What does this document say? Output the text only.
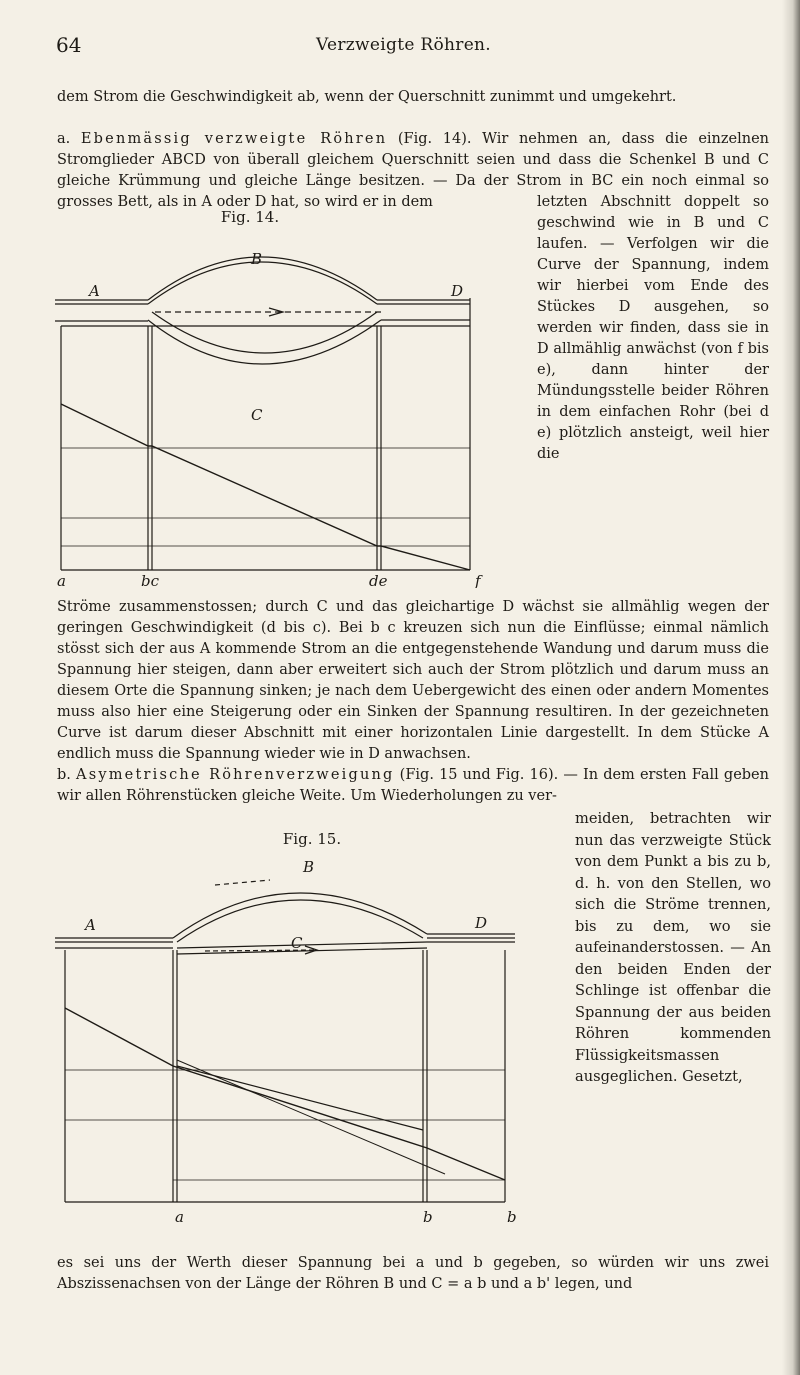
64	Verzweigte Röhren.

dem Strom die Geschwindigkeit ab, wenn der Querschnitt zunimmt und umgekehrt.

a. Ebenmässig verzweigte Röhren (Fig. 14). Wir nehmen an, dass die einzelnen Stromglieder ABCD von überall gleichem Querschnitt seien und dass die Schenkel B und C gleiche Krümmung und gleiche Länge besitzen. — Da der Strom in BC ein noch einmal so grosses Bett, als in A oder D hat, so wird er in dem	letzten Abschnitt doppelt so geschwind wie in B und C laufen. — Verfolgen wir die Curve der Spannung, indem wir hierbei vom Ende des Stückes D ausgehen, so werden wir finden, dass sie in D allmählig anwächst (von f bis e), dann hinter der Mündungsstelle beider Röhren in dem einfachen Rohr (bei d e) plötzlich ansteigt, weil hier die

Fig. 14.
B
A	D
C
a	bc	de	f

Ströme zusammenstossen; durch C und das gleichartige D wächst sie allmählig wegen der geringen Geschwindigkeit (d bis c). Bei b c kreuzen sich nun die Einflüsse; einmal nämlich stösst sich der aus A kommende Strom an die entgegenstehende Wandung und darum muss die Spannung hier steigen, dann aber erweitert sich auch der Strom plötzlich und darum muss an diesem Orte die Spannung sinken; je nach dem Uebergewicht des einen oder andern Momentes muss also hier eine Steigerung oder ein Sinken der Spannung resultiren. In der gezeichneten Curve ist darum dieser Abschnitt mit einer horizontalen Linie dargestellt. In dem Stücke A endlich muss die Spannung wieder wie in D anwachsen.

b. Asymetrische Röhrenverzweigung (Fig. 15 und Fig. 16). — In dem ersten Fall geben wir allen Röhrenstücken gleiche Weite. Um Wiederholungen zu ver-

meiden, betrachten wir nun das verzweigte Stück von dem Punkt a bis zu b, d. h. von den Stellen, wo sich die Ströme trennen, bis zu dem, wo sie aufeinanderstossen. — An den beiden Enden der Schlinge ist offenbar die Spannung der aus beiden Röhren kommenden Flüssigkeitsmassen ausgeglichen. Gesetzt,

Fig. 15.
B
A	D
C
a	b	b

es sei uns der Werth dieser Spannung bei a und b gegeben, so würden wir uns zwei Abszissenachsen von der Länge der Röhren B und C = a b und a b' legen, und
